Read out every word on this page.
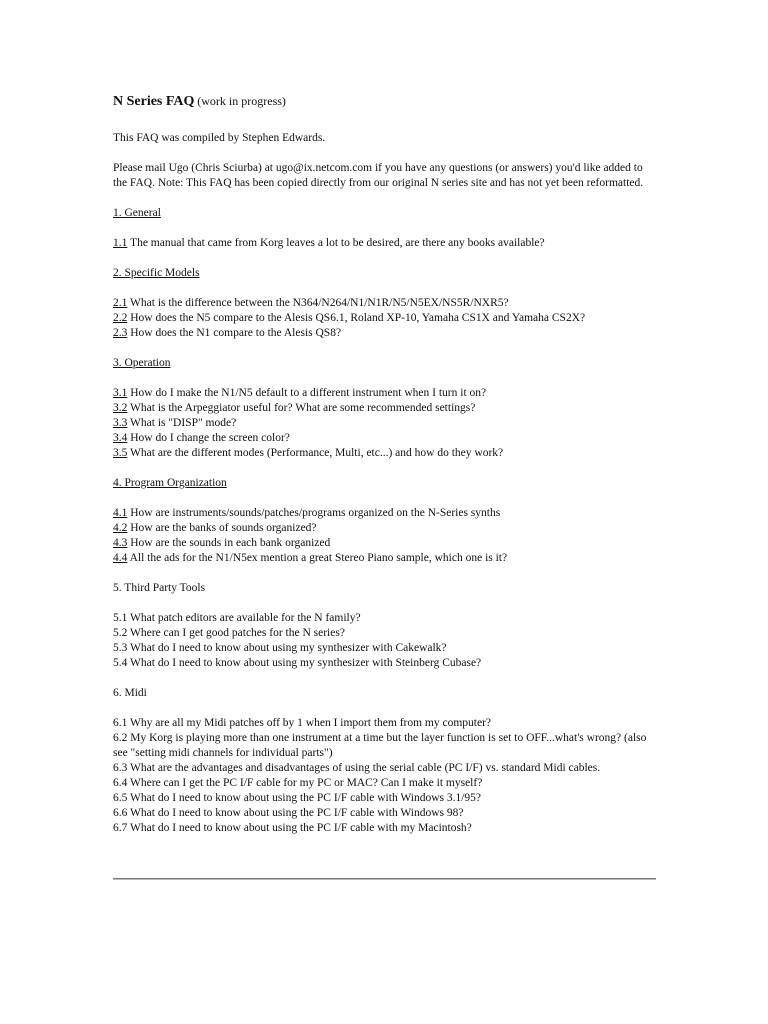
N Series FAQ (work in progress)

This FAQ was compiled by Stephen Edwards.

Please mail Ugo (Chris Sciurba) at ugo@ix.netcom.com if you have any questions (or answers) you'd like added to the FAQ. Note: This FAQ has been copied directly from our original N series site and has not yet been reformatted.

1. General

1.1 The manual that came from Korg leaves a lot to be desired, are there any books available?

2. Specific Models

2.1 What is the difference between the N364/N264/N1/N1R/N5/N5EX/NS5R/NXR5?
2.2 How does the N5 compare to the Alesis QS6.1, Roland XP-10, Yamaha CS1X and Yamaha CS2X?
2.3 How does the N1 compare to the Alesis QS8?

3. Operation

3.1 How do I make the N1/N5 default to a different instrument when I turn it on?
3.2 What is the Arpeggiator useful for? What are some recommended settings?
3.3 What is "DISP" mode?
3.4 How do I change the screen color?
3.5 What are the different modes (Performance, Multi, etc...) and how do they work?

4. Program Organization

4.1 How are instruments/sounds/patches/programs organized on the N-Series synths
4.2 How are the banks of sounds organized?
4.3 How are the sounds in each bank organized
4.4 All the ads for the N1/N5ex mention a great Stereo Piano sample, which one is it?

5. Third Party Tools

5.1 What patch editors are available for the N family?
5.2 Where can I get good patches for the N series?
5.3 What do I need to know about using my synthesizer with Cakewalk?
5.4 What do I need to know about using my synthesizer with Steinberg Cubase?

6. Midi

6.1 Why are all my Midi patches off by 1 when I import them from my computer?
6.2 My Korg is playing more than one instrument at a time but the layer function is set to OFF...what's wrong? (also see "setting midi channels for individual parts")
6.3 What are the advantages and disadvantages of using the serial cable (PC I/F) vs. standard Midi cables.
6.4 Where can I get the PC I/F cable for my PC or MAC? Can I make it myself?
6.5 What do I need to know about using the PC I/F cable with Windows 3.1/95?
6.6 What do I need to know about using the PC I/F cable with Windows 98?
6.7 What do I need to know about using the PC I/F cable with my Macintosh?
